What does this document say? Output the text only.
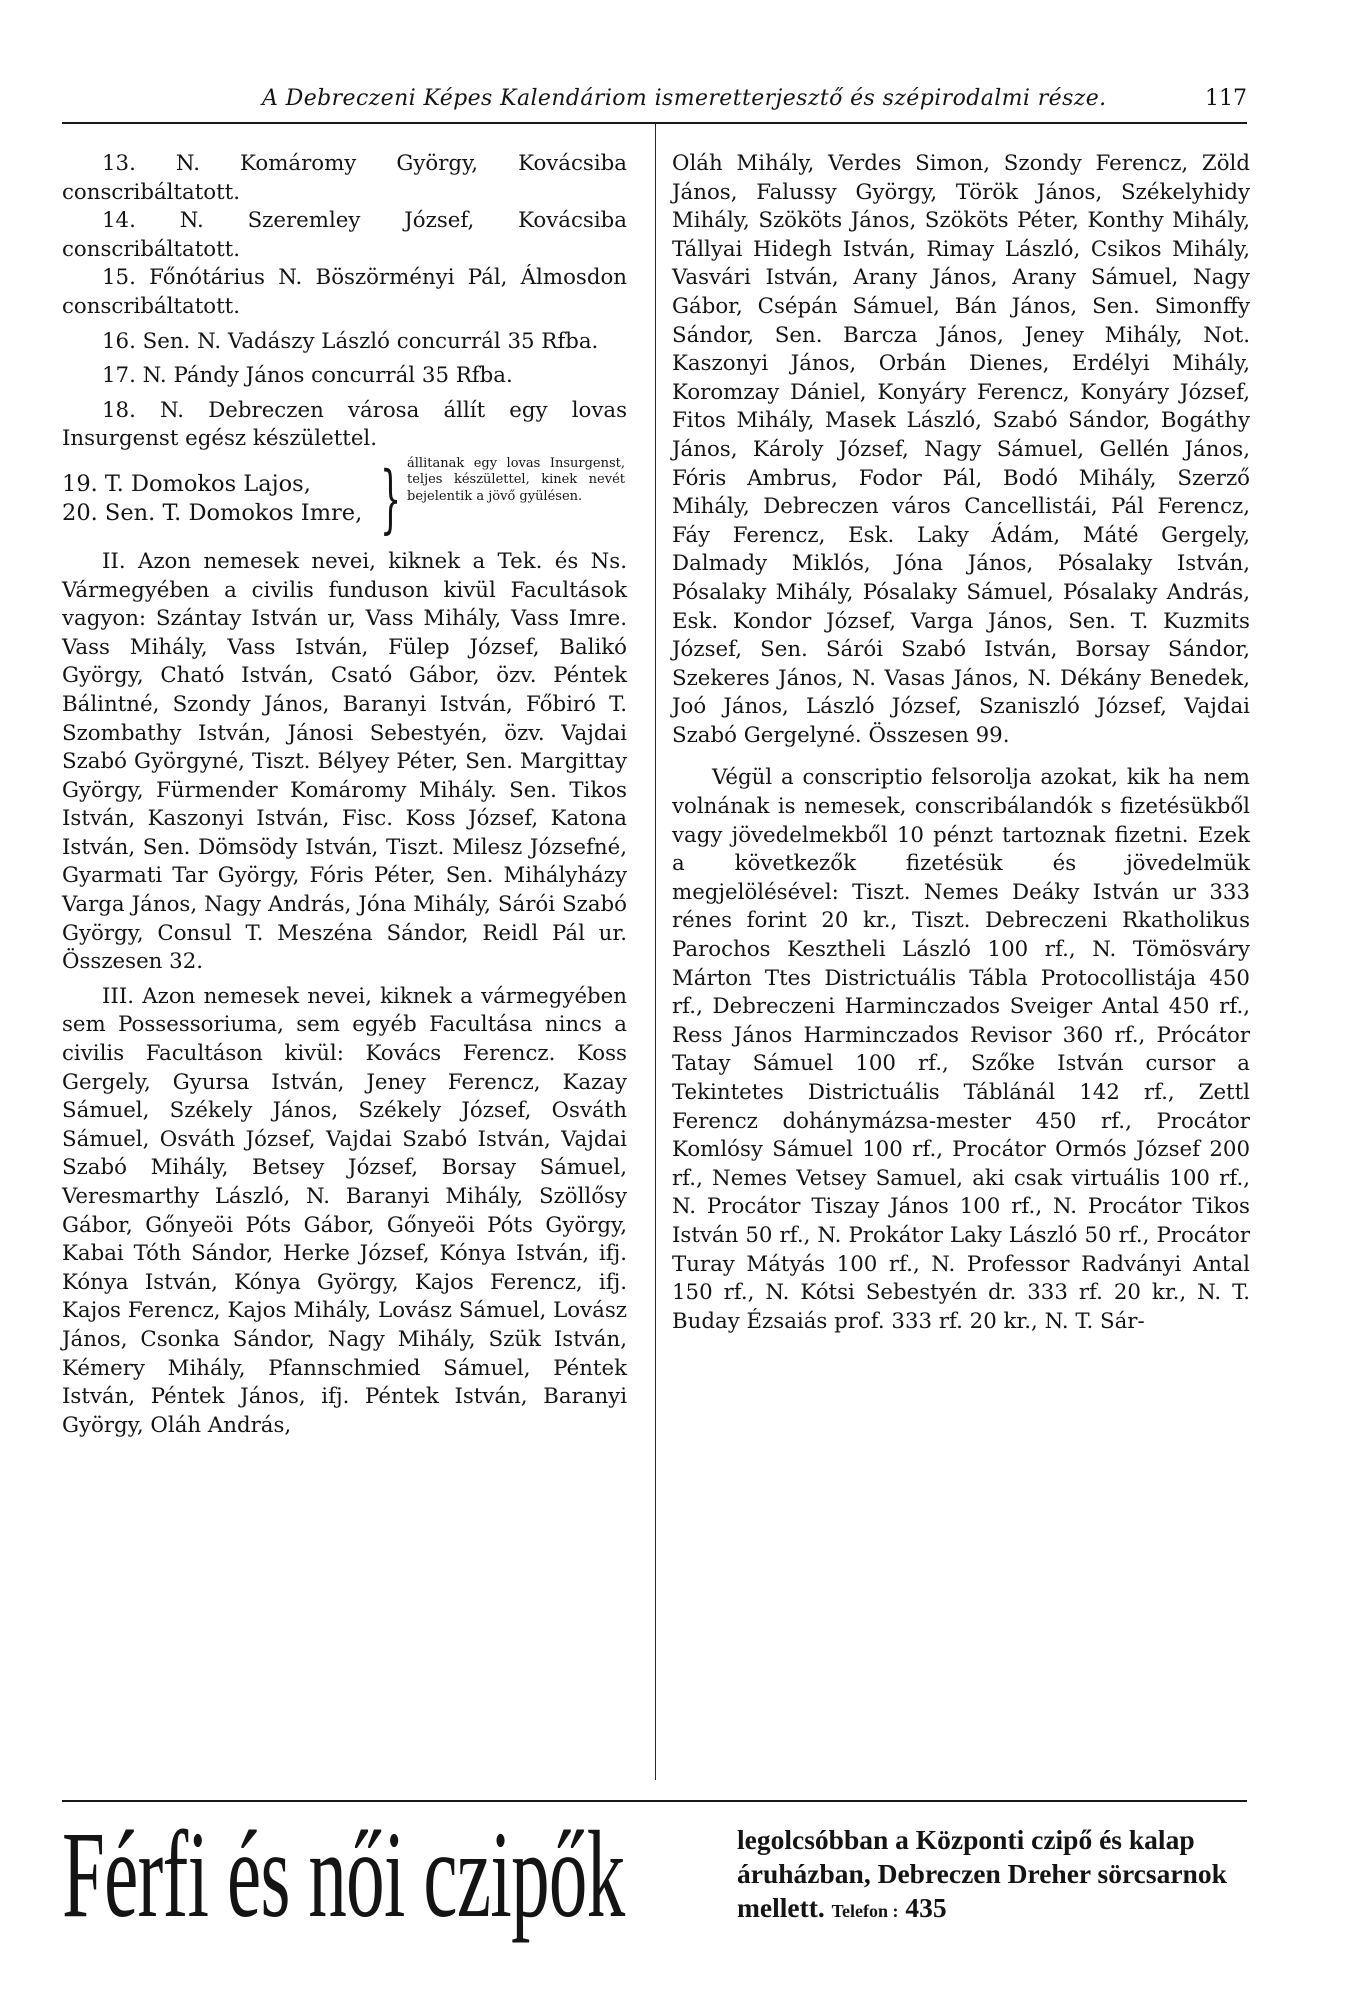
A Debreczeni Képes Kalendáriom ismeretterjesztő és szépirodalmi része.	117

13. N. Komáromy György, Kovácsiba conscribáltatott.

14. N. Szeremley József, Kovácsiba conscribáltatott.

15. Főnótárius N. Böszörményi Pál, Álmosdon conscribáltatott.

16. Sen. N. Vadászy László concurrál 35 Rfba.

17. N. Pándy János concurrál 35 Rfba.

18. N. Debreczen városa állít egy lovas Insurgenst egész készülettel.

19. T. Domokos Lajos,
20. Sen. T. Domokos Imre, } állitanak egy lovas Insurgenst, teljes készülettel, kinek nevét bejelentik a jövő gyülésen.

II. Azon nemesek nevei, kiknek a Tek. és Ns. Vármegyében a civilis funduson kivül Facultások vagyon: Szántay István ur, Vass Mihály, Vass Imre. Vass Mihály, Vass István, Fülep József, Balikó György, Cható István, Csató Gábor, özv. Péntek Bálintné, Szondy János, Baranyi István, Főbiró T. Szombathy István, Jánosi Sebestyén, özv. Vajdai Szabó Györgyné, Tiszt. Bélyey Péter, Sen. Margittay György, Fürmender Komáromy Mihály. Sen. Tikos István, Kaszonyi István, Fisc. Koss József, Katona István, Sen. Dömsödy István, Tiszt. Milesz Józsefné, Gyarmati Tar György, Fóris Péter, Sen. Mihályházy Varga János, Nagy András, Jóna Mihály, Sárói Szabó György, Consul T. Meszéna Sándor, Reidl Pál ur. Összesen 32.

III. Azon nemesek nevei, kiknek a vármegyében sem Possessoriuma, sem egyéb Facultása nincs a civilis Facultáson kivül: Kovács Ferencz. Koss Gergely, Gyursa István, Jeney Ferencz, Kazay Sámuel, Székely János, Székely József, Osváth Sámuel, Osváth József, Vajdai Szabó István, Vajdai Szabó Mihály, Betsey József, Borsay Sámuel, Veresmarthy László, N. Baranyi Mihály, Szöllősy Gábor, Gőnyeöi Póts Gábor, Gőnyeöi Póts György, Kabai Tóth Sándor, Herke József, Kónya István, ifj. Kónya István, Kónya György, Kajos Ferencz, ifj. Kajos Ferencz, Kajos Mihály, Lovász Sámuel, Lovász János, Csonka Sándor, Nagy Mihály, Szük István, Kémery Mihály, Pfannschmied Sámuel, Péntek István, Péntek János, ifj. Péntek István, Baranyi György, Oláh András,

Oláh Mihály, Verdes Simon, Szondy Ferencz, Zöld János, Falussy György, Török János, Székelyhidy Mihály, Szököts János, Szököts Péter, Konthy Mihály, Tállyai Hidegh István, Rimay László, Csikos Mihály, Vasvári István, Arany János, Arany Sámuel, Nagy Gábor, Csépán Sámuel, Bán János, Sen. Simonffy Sándor, Sen. Barcza János, Jeney Mihály, Not. Kaszonyi János, Orbán Dienes, Erdélyi Mihály, Koromzay Dániel, Konyáry Ferencz, Konyáry József, Fitos Mihály, Masek László, Szabó Sándor, Bogáthy János, Károly József, Nagy Sámuel, Gellén János, Fóris Ambrus, Fodor Pál, Bodó Mihály, Szerző Mihály, Debreczen város Cancellistái, Pál Ferencz, Fáy Ferencz, Esk. Laky Ádám, Máté Gergely, Dalmady Miklós, Jóna János, Pósalaky István, Pósalaky Mihály, Pósalaky Sámuel, Pósalaky András, Esk. Kondor József, Varga János, Sen. T. Kuzmits József, Sen. Sárói Szabó István, Borsay Sándor, Szekeres János, N. Vasas János, N. Dékány Benedek, Joó János, László József, Szaniszló József, Vajdai Szabó Gergelyné. Összesen 99.

Végül a conscriptio felsorolja azokat, kik ha nem volnának is nemesek, conscribálandók s fizetésükből vagy jövedelmekből 10 pénzt tartoznak fizetni. Ezek a következők fizetésük és jövedelmük megjelölésével: Tiszt. Nemes Deáky István ur 333 rénes forint 20 kr., Tiszt. Debreczeni Rkatholikus Parochos Keszthelі László 100 rf., N. Tömösváry Márton Ttes Districtuális Tábla Protocollistája 450 rf., Debreczeni Harminczados Sveiger Antal 450 rf., Ress János Harminczados Revisor 360 rf., Prócátor Tatay Sámuel 100 rf., Szőke István cursor a Tekintetes Districtuális Táblánál 142 rf., Zettl Ferencz dohánymázsa-mester 450 rf., Procátor Komlósy Sámuel 100 rf., Procátor Ormós József 200 rf., Nemes Vetsey Samuel, aki csak virtuális 100 rf., N. Procátor Tiszay János 100 rf., N. Procátor Tikos István 50 rf., N. Prokátor Laky László 50 rf., Procátor Turay Mátyás 100 rf., N. Professor Radványi Antal 150 rf., N. Kótsi Sebestyén dr. 333 rf. 20 kr., N. T. Buday Ézsaiás prof. 333 rf. 20 kr., N. T. Sár-

Férfi és női czipők	legolcsóbban a Központi czipő és kalap áruházban, Debreczen Dreher sörcsarnok mellett. Telefon : 435
